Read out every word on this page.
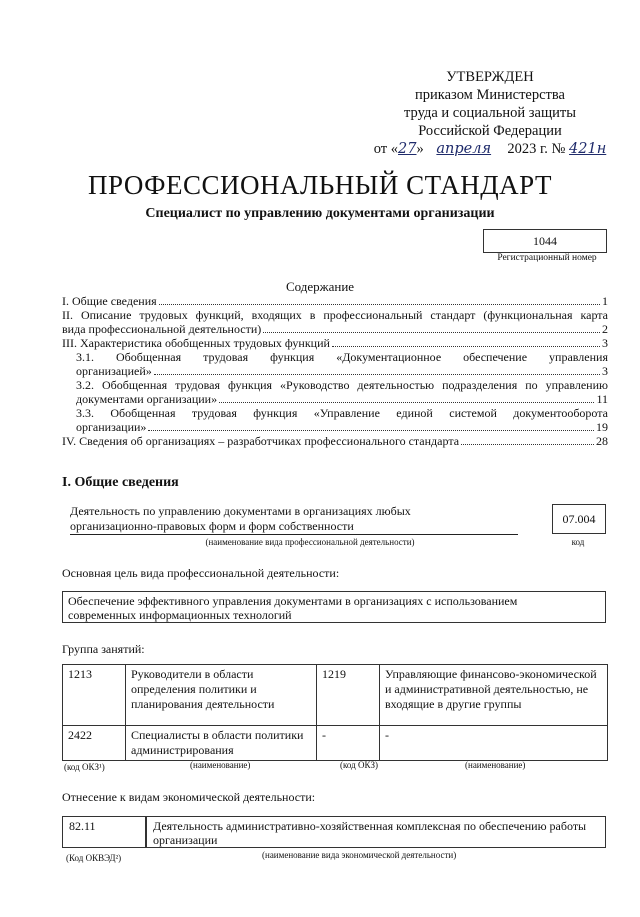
УТВЕРЖДЕН
приказом Министерства
труда и социальной защиты
Российской Федерации
от «27» апреля 2023 г. № 421н
ПРОФЕССИОНАЛЬНЫЙ СТАНДАРТ
Специалист по управлению документами организации
1044
Регистрационный номер
Содержание
I. Общие сведения	1
II. Описание трудовых функций, входящих в профессиональный стандарт (функциональная карта
вида профессиональной деятельности)	2
III. Характеристика обобщенных трудовых функций	3
3.1. Обобщенная трудовая функция «Документационное обеспечение управления
организацией»	3
3.2. Обобщенная трудовая функция «Руководство деятельностью подразделения по управлению
документами организации»	11
3.3. Обобщенная трудовая функция «Управление единой системой документооборота
организации»	19
IV. Сведения об организациях – разработчиках профессионального стандарта	28
I. Общие сведения
Деятельность по управлению документами в организациях любых
организационно-правовых форм и форм собственности
(наименование вида профессиональной деятельности)
07.004
код
Основная цель вида профессиональной деятельности:
Обеспечение эффективного управления документами в организациях с использованием
современных информационных технологий
Группа занятий:
1213	Руководители в области определения политики и планирования деятельности	1219	Управляющие финансово-экономической и административной деятельностью, не входящие в другие группы
2422	Специалисты в области политики администрирования	-	-
(код ОКЗ¹)	(наименование)	(код ОКЗ)	(наименование)
Отнесение к видам экономической деятельности:
82.11	Деятельность административно-хозяйственная комплексная по обеспечению работы организации
(Код ОКВЭД²)	(наименование вида экономической деятельности)
